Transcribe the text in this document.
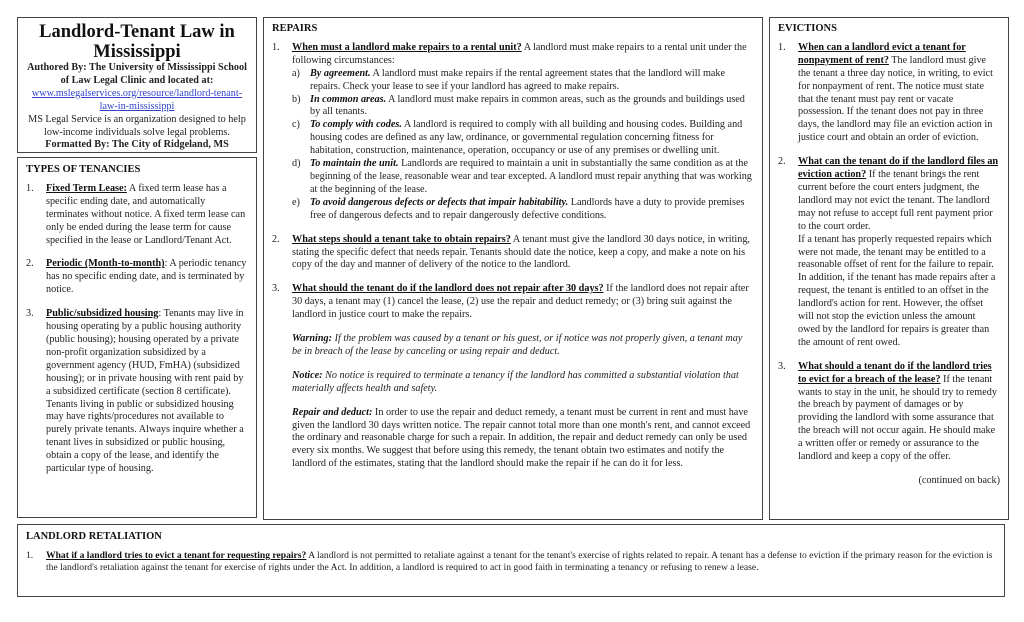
Landlord-Tenant Law in Mississippi
Authored By: The University of Mississippi School of Law Legal Clinic and located at:
www.mslegalservices.org/resource/landlord-tenant-law-in-mississippi
MS Legal Service is an organization designed to help low-income individuals solve legal problems.
Formatted By: The City of Ridgeland, MS
TYPES OF TENANCIES
1.	Fixed Term Lease: A fixed term lease has a specific ending date, and automatically terminates without notice. A fixed term lease can only be ended during the lease term for cause specified in the lease or Landlord/Tenant Act.
2.	Periodic (Month-to-month): A periodic tenancy has no specific ending date, and is terminated by notice.
3.	Public/subsidized housing: Tenants may live in housing operating by a public housing authority (public housing); housing operated by a private non-profit organization subsidized by a government agency (HUD, FmHA) (subsidized housing); or in private housing with rent paid by a subsidized certificate (section 8 certificate). Tenants living in public or subsidized housing may have rights/procedures not available to purely private tenants. Always inquire whether a tenant lives in subsidized or public housing, obtain a copy of the lease, and identify the particular type of housing.
REPAIRS
1.	When must a landlord make repairs to a rental unit? A landlord must make repairs to a rental unit under the following circumstances:
a) By agreement. A landlord must make repairs if the rental agreement states that the landlord will make repairs. Check your lease to see if your landlord has agreed to make repairs.
b) In common areas. A landlord must make repairs in common areas, such as the grounds and buildings used by all tenants.
c) To comply with codes. A landlord is required to comply with all building and housing codes. Building and housing codes are defined as any law, ordinance, or governmental regulation concerning fitness for habitation, construction, maintenance, operation, occupancy or use of any premises or dwelling unit.
d) To maintain the unit. Landlords are required to maintain a unit in substantially the same condition as at the beginning of the lease, reasonable wear and tear excepted. A landlord must repair anything that was working at the beginning of the lease.
e) To avoid dangerous defects or defects that impair habitability. Landlords have a duty to provide premises free of dangerous defects and to repair dangerously defective conditions.
2.	What steps should a tenant take to obtain repairs? A tenant must give the landlord 30 days notice, in writing, stating the specific defect that needs repair. Tenants should date the notice, keep a copy, and make a note on his copy of the day and manner of delivery of the notice to the landlord.
3.	What should the tenant do if the landlord does not repair after 30 days? If the landlord does not repair after 30 days, a tenant may (1) cancel the lease, (2) use the repair and deduct remedy; or (3) bring suit against the landlord in justice court to make the repairs.
Warning: If the problem was caused by a tenant or his guest, or if notice was not properly given, a tenant may be in breach of the lease by canceling or using repair and deduct.
Notice: No notice is required to terminate a tenancy if the landlord has committed a substantial violation that materially affects health and safety.
Repair and deduct: In order to use the repair and deduct remedy, a tenant must be current in rent and must have given the landlord 30 days written notice. The repair cannot total more than one month's rent, and cannot exceed the ordinary and reasonable charge for such a repair. In addition, the repair and deduct remedy can only be used every six months. We suggest that before using this remedy, the tenant obtain two estimates and notify the landlord of the estimates, stating that the landlord should make the repair if he can do it for less.
EVICTIONS
1.	When can a landlord evict a tenant for nonpayment of rent? The landlord must give the tenant a three day notice, in writing, to evict for nonpayment of rent. The notice must state that the tenant must pay rent or vacate possession. If the tenant does not pay in three days, the landlord may file an eviction action in justice court and obtain an order of eviction.
2.	What can the tenant do if the landlord files an eviction action? If the tenant brings the rent current before the court enters judgment, the landlord may not evict the tenant. The landlord may not refuse to accept full rent payment prior to the court order.
If a tenant has properly requested repairs which were not made, the tenant may be entitled to a reasonable offset of rent for the failure to repair. In addition, if the tenant has made repairs after a request, the tenant is entitled to an offset in the landlord's action for rent. However, the offset will not stop the eviction unless the amount owed by the landlord for repairs is greater than the amount of rent owed.
3.	What should a tenant do if the landlord tries to evict for a breach of the lease? If the tenant wants to stay in the unit, he should try to remedy the breach by payment of damages or by providing the landlord with some assurance that the breach will not occur again. He should make a written offer or remedy or assurance to the landlord and keep a copy of the offer.
(continued on back)
LANDLORD RETALIATION
1.	What if a landlord tries to evict a tenant for requesting repairs? A landlord is not permitted to retaliate against a tenant for the tenant's exercise of rights related to repair. A tenant has a defense to eviction if the primary reason for the eviction is the landlord's retaliation against the tenant for exercise of rights under the Act. In addition, a landlord is required to act in good faith in terminating a tenancy or refusing to renew a lease.
